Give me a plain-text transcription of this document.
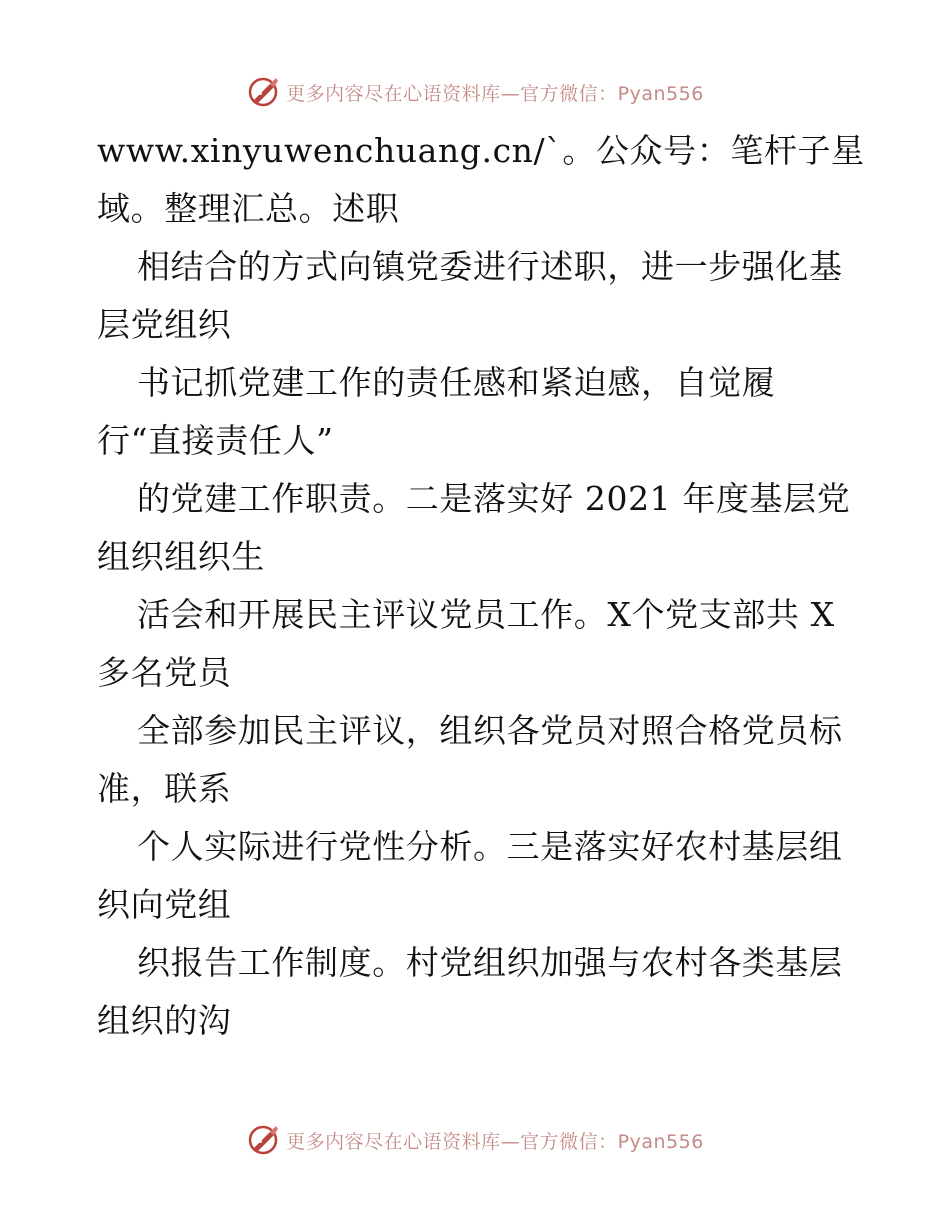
更多内容尽在心语资料库—官方微信：Pyan556
www.xinyuwenchuang.cn/`。公众号：笔杆子星
域。整理汇总。述职
相结合的方式向镇党委进行述职，进一步强化基
层党组织
书记抓党建工作的责任感和紧迫感，自觉履
行“直接责任人”
的党建工作职责。二是落实好 2021 年度基层党
组织组织生
活会和开展民主评议党员工作。X个党支部共 X
多名党员
全部参加民主评议，组织各党员对照合格党员标
准，联系
个人实际进行党性分析。三是落实好农村基层组
织向党组
织报告工作制度。村党组织加强与农村各类基层
组织的沟
更多内容尽在心语资料库—官方微信：Pyan556
